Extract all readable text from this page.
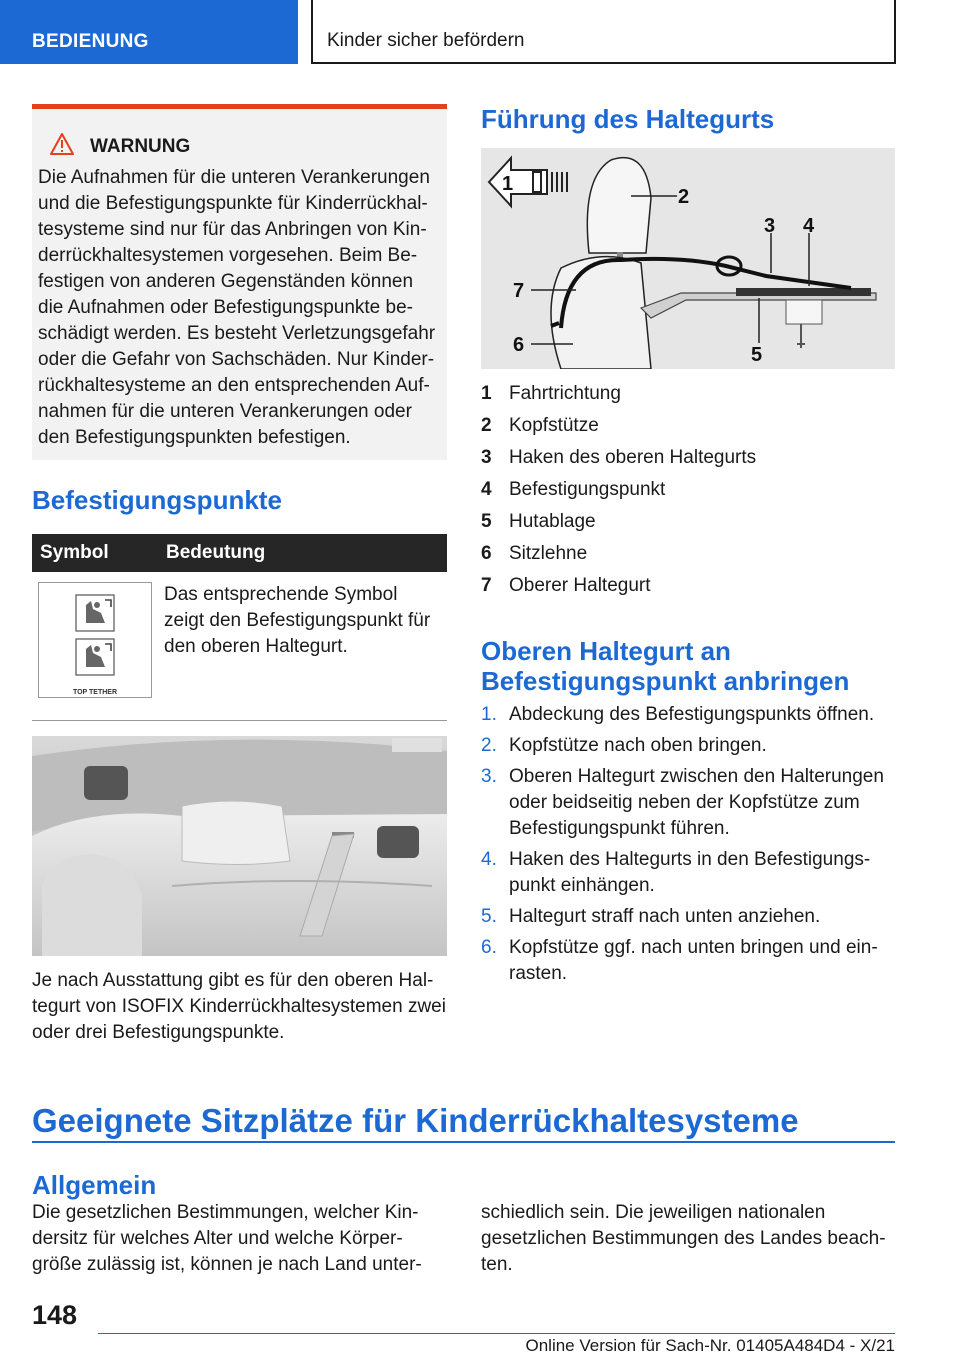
BEDIENUNG	Kinder sicher befördern
WARNUNG
Die Aufnahmen für die unteren Verankerungen
und die Befestigungspunkte für Kinderrückhal‐
tesysteme sind nur für das Anbringen von Kin‐
derrückhaltesystemen vorgesehen. Beim Be‐
festigen von anderen Gegenständen können
die Aufnahmen oder Befestigungspunkte be‐
schädigt werden. Es besteht Verletzungsgefahr
oder die Gefahr von Sachschäden. Nur Kinder‐
rückhaltesysteme an den entsprechenden Auf‐
nahmen für die unteren Verankerungen oder
den Befestigungspunkten befestigen.
Befestigungspunkte
Symbol	Bedeutung

TOP TETHER	Das entsprechende Symbol
zeigt den Befestigungspunkt für
den oberen Haltegurt.
Je nach Ausstattung gibt es für den oberen Hal‐
tegurt von ISOFIX Kinderrückhaltesystemen zwei
oder drei Befestigungspunkte.
Führung des Haltegurts
1
2
3 4
5
6
7
1 Fahrtrichtung
2 Kopfstütze
3 Haken des oberen Haltegurts
4 Befestigungspunkt
5 Hutablage
6 Sitzlehne
7 Oberer Haltegurt
Oberen Haltegurt an
Befestigungspunkt anbringen
1. Abdeckung des Befestigungspunkts öffnen.
2. Kopfstütze nach oben bringen.
3. Oberen Haltegurt zwischen den Halterungen
oder beidseitig neben der Kopfstütze zum
Befestigungspunkt führen.
4. Haken des Haltegurts in den Befestigungs‐
punkt einhängen.
5. Haltegurt straff nach unten anziehen.
6. Kopfstütze ggf. nach unten bringen und ein‐
rasten.
Geeignete Sitzplätze für Kinderrückhaltesysteme
Allgemein
Die gesetzlichen Bestimmungen, welcher Kin‐
dersitz für welches Alter und welche Körper‐
größe zulässig ist, können je nach Land unter‐
schiedlich sein. Die jeweiligen nationalen
gesetzlichen Bestimmungen des Landes beach‐
ten.
148
Online Version für Sach-Nr. 01405A484D4 - X/21
